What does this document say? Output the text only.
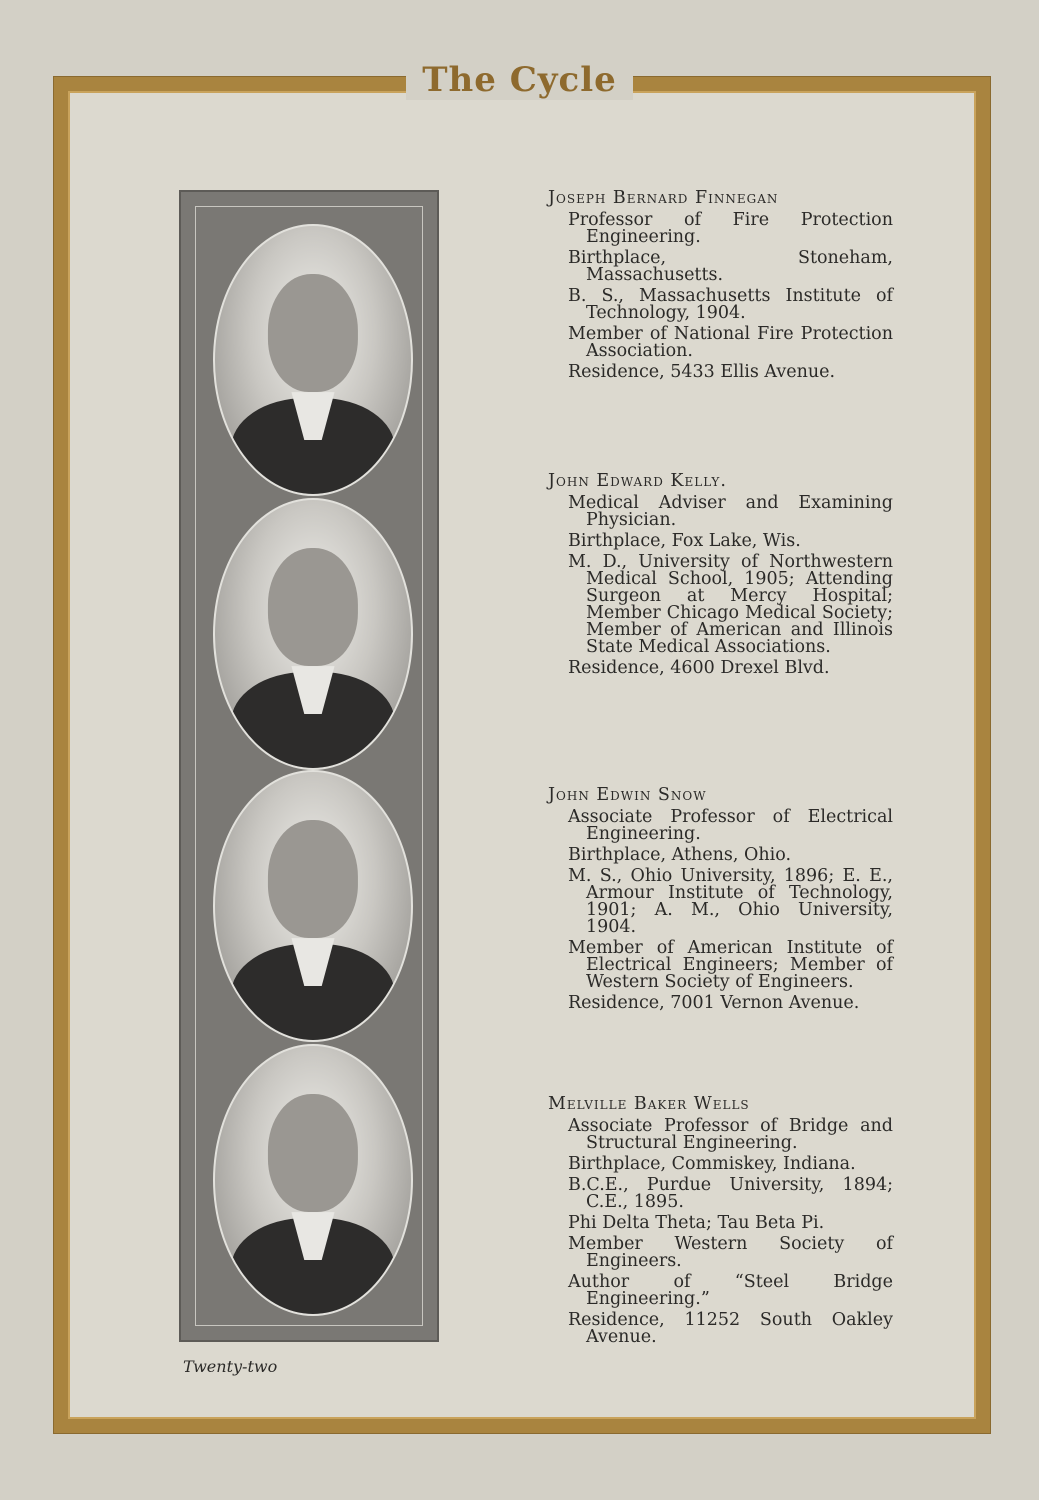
The Cycle
Joseph Bernard Finnegan

Professor of Fire Protection Engineering.

Birthplace, Stoneham, Massachusetts.

B. S., Massachusetts Institute of Technology, 1904.

Member of National Fire Protection Association.

Residence, 5433 Ellis Avenue.

John Edward Kelly.

Medical Adviser and Examining Physician.

Birthplace, Fox Lake, Wis.

M. D., University of Northwestern Medical School, 1905; Attending Surgeon at Mercy Hospital; Member Chicago Medical Society; Member of American and Illinois State Medical Associations.

Residence, 4600 Drexel Blvd.

John Edwin Snow

Associate Professor of Electrical Engineering.

Birthplace, Athens, Ohio.

M. S., Ohio University, 1896; E. E., Armour Institute of Technology, 1901; A. M., Ohio University, 1904.

Member of American Institute of Electrical Engineers; Member of Western Society of Engineers.

Residence, 7001 Vernon Avenue.

Melville Baker Wells

Associate Professor of Bridge and Structural Engineering.

Birthplace, Commiskey, Indiana.

B.C.E., Purdue University, 1894; C.E., 1895.

Phi Delta Theta; Tau Beta Pi.

Member Western Society of Engineers.

Author of “Steel Bridge Engineering.”

Residence, 11252 South Oakley Avenue.

Twenty-two
